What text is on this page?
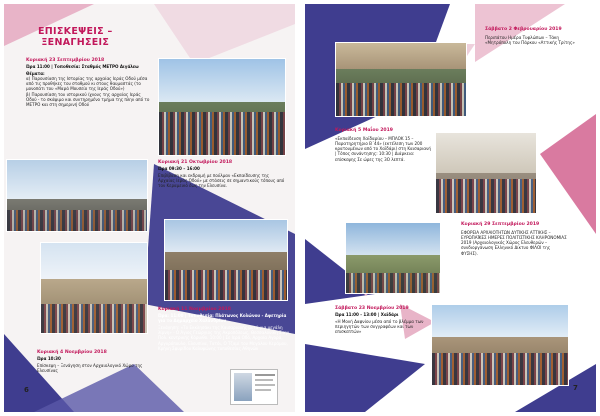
ΕΠΙΣΚΕΨΕΙΣ –
ΞΕΝΑΓΗΣΕΙΣ
Κυριακή 23 Σεπτεμβρίου 2018
Ώρα 11:00 | Τοποθεσία: Σταθμός ΜΕΤΡΟ Αιγάλεω
Θέματα:
α) Παρουσίαση της Ιστορίας της αρχαίας Ιεράς Οδού μέσα από τις προθήκες του σταθμού κι στους θαυμαστάς (το μονοπάτι του «Μαρά Μουσείο της Ιεράς Οδού»)
β) Παρουσίαση του ιστορικού ίχνους της αρχαίας Ιεράς Οδού - το σκάψιμο και συντηρημένο τμήμα της πλην από το ΜΕΤΡΟ και στη σημερινή Οδού
Κυριακή 21 Οκτωβρίου 2018
Ώρα 09:30 – 16:00
Επιβίβαση και εκδρομή με πούλμαν «Εκπαίδευσης της Αρχαίας Ιεράς Οδού» με στάσεις σε σημαντικούς τόπους από τον Κεραμεικό έως την Ελευσίνα.
Κυριακή 11 Νοεμβρίου 2018
Ώρα: 11:00 | Τοποθεσία: Πλάτωνος Κολώνου - Αφετηρία για το Δημαρχείο Χαλανδρίου
Ξενάγηση: «Το Εκκλησάκι της Καισαριανής μετά μια μεγάλη λίμνη» - Ο Άγιος Γεώργιος της Ακροπόλεως, Θεσσαλονίκη Στην Πολ. κεντρικής Κόρινθο. 10:00 | Σε Ιερά Οδό, Αρχαία Αγορά, Αργυρόπουλο, Ελευσίνα, Τατόι, Ο Τζαμί του Μεγάλου Κεράμου, Κρήνη Σφυρίδου Καλυψώνης τοποθεσίας Αθηνών
Κυριακή 4 Νοεμβρίου 2018
Ώρα 10:30
Επίσκεψη – Ξενάγηση στον Αρχαιολογικό Χώρο της Ελευσίνας
6
Σάββατο 2 Φεβρουαρίου 2019
Περιπάτου Ημέρα Τυφλώπων – Τάκη «Μητρόπολη του Πάρκου «Αττικής Τρίτης»
Κυριακή 5 Μαΐου 2019
«Εκπαίδευση Χαϊδαρίου – ΜΠΛΟΚ 15 – Παρατηρητήριο Β΄44» (εκτέλεση των 200 κρατουμένων από το Χαϊδάρι) στη Καισαριανή | Τόπος συνάντησης: 10:30 | Διάρκεια: επίσκεψης Σε ώρες της 3Ο λεπτά.
Κυριακή 29 Σεπτεμβρίου 2019
ΕΦΟΡΕΙΑ ΑΡΧΑΙΟΤΗΤΩΝ ΔΥΤΙΚΗΣ ΑΤΤΙΚΗΣ – ΕΥΡΩΠΑΪΚΕΣ ΗΜΕΡΕΣ ΠΟΛΙΤΙΣΤΙΚΗΣ ΚΛΗΡΟΝΟΜΙΑΣ 2019 (Αρχαιολογικός Χώρος Ελευθερών – συνδιοργάνωση Ελληνικό Δίκτυο ΦΙΛΟΙ της ΦΥΣΗΣ).
Σάββατο 23 Νοεμβρίου 2019
Ώρα 11:00 - 13:00 | Χαϊδάρι
«Η Μονή Δαφνίου μέσα από το βλέμμα των περιηγητών των συγγραφέων και των επισκεπτών»
7
